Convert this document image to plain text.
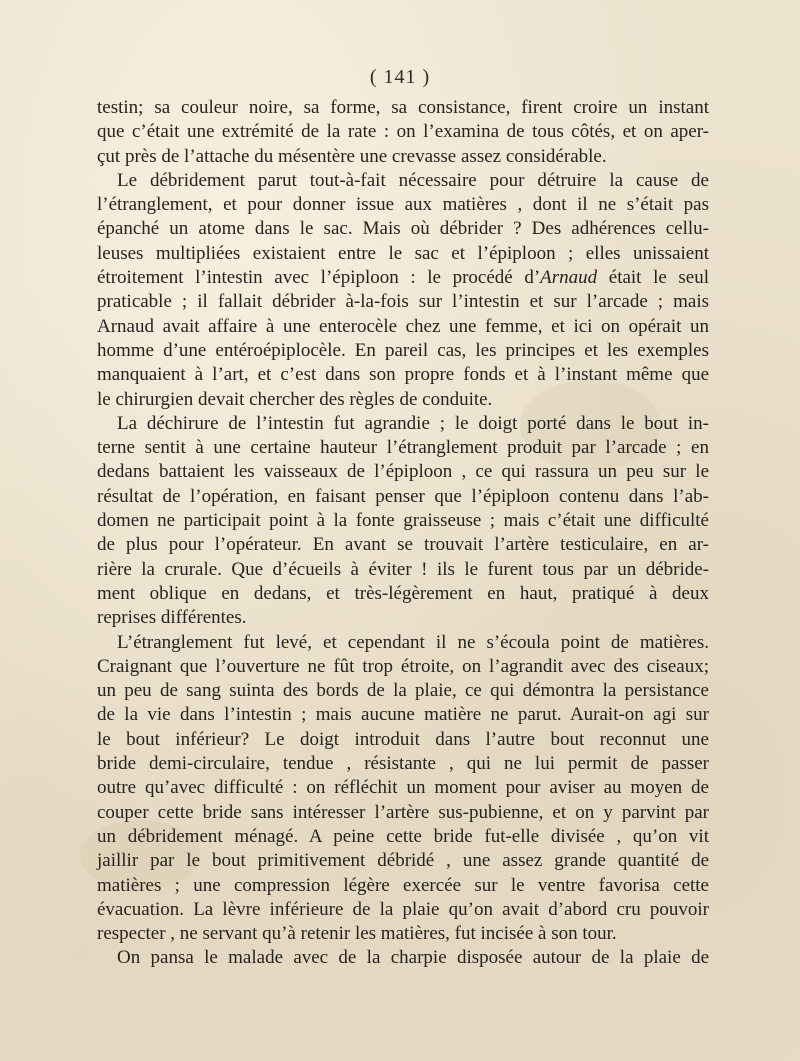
( 141 )
testin; sa couleur noire, sa forme, sa consistance, firent croire un instant
que c’était une extrémité de la rate : on l’examina de tous côtés, et on aper-
çut près de l’attache du mésentère une crevasse assez considérable.
Le débridement parut tout-à-fait nécessaire pour détruire la cause de
l’étranglement, et pour donner issue aux matières , dont il ne s’était pas
épanché un atome dans le sac. Mais où débrider ? Des adhérences cellu-
leuses multipliées existaient entre le sac et l’épiploon ; elles unissaient
étroitement l’intestin avec l’épiploon : le procédé d’Arnaud était le seul
praticable ; il fallait débrider à-la-fois sur l’intestin et sur l’arcade ; mais
Arnaud avait affaire à une enterocèle chez une femme, et ici on opérait un
homme d’une entéroépiplocèle. En pareil cas, les principes et les exemples
manquaient à l’art, et c’est dans son propre fonds et à l’instant même que
le chirurgien devait chercher des règles de conduite.
La déchirure de l’intestin fut agrandie ; le doigt porté dans le bout in-
terne sentit à une certaine hauteur l’étranglement produit par l’arcade ; en
dedans battaient les vaisseaux de l’épiploon , ce qui rassura un peu sur le
résultat de l’opération, en faisant penser que l’épiploon contenu dans l’ab-
domen ne participait point à la fonte graisseuse ; mais c’était une difficulté
de plus pour l’opérateur. En avant se trouvait l’artère testiculaire, en ar-
rière la crurale. Que d’écueils à éviter ! ils le furent tous par un débride-
ment oblique en dedans, et très-légèrement en haut, pratiqué à deux
reprises différentes.
L’étranglement fut levé, et cependant il ne s’écoula point de matières.
Craignant que l’ouverture ne fût trop étroite, on l’agrandit avec des ciseaux;
un peu de sang suinta des bords de la plaie, ce qui démontra la persistance
de la vie dans l’intestin ; mais aucune matière ne parut. Aurait-on agi sur
le bout inférieur? Le doigt introduit dans l’autre bout reconnut une
bride demi-circulaire, tendue , résistante , qui ne lui permit de passer
outre qu’avec difficulté : on réfléchit un moment pour aviser au moyen de
couper cette bride sans intéresser l’artère sus-pubienne, et on y parvint par
un débridement ménagé. A peine cette bride fut-elle divisée , qu’on vit
jaillir par le bout primitivement débridé , une assez grande quantité de
matières ; une compression légère exercée sur le ventre favorisa cette
évacuation. La lèvre inférieure de la plaie qu’on avait d’abord cru pouvoir
respecter , ne servant qu’à retenir les matières, fut incisée à son tour.
On pansa le malade avec de la charpie disposée autour de la plaie de
